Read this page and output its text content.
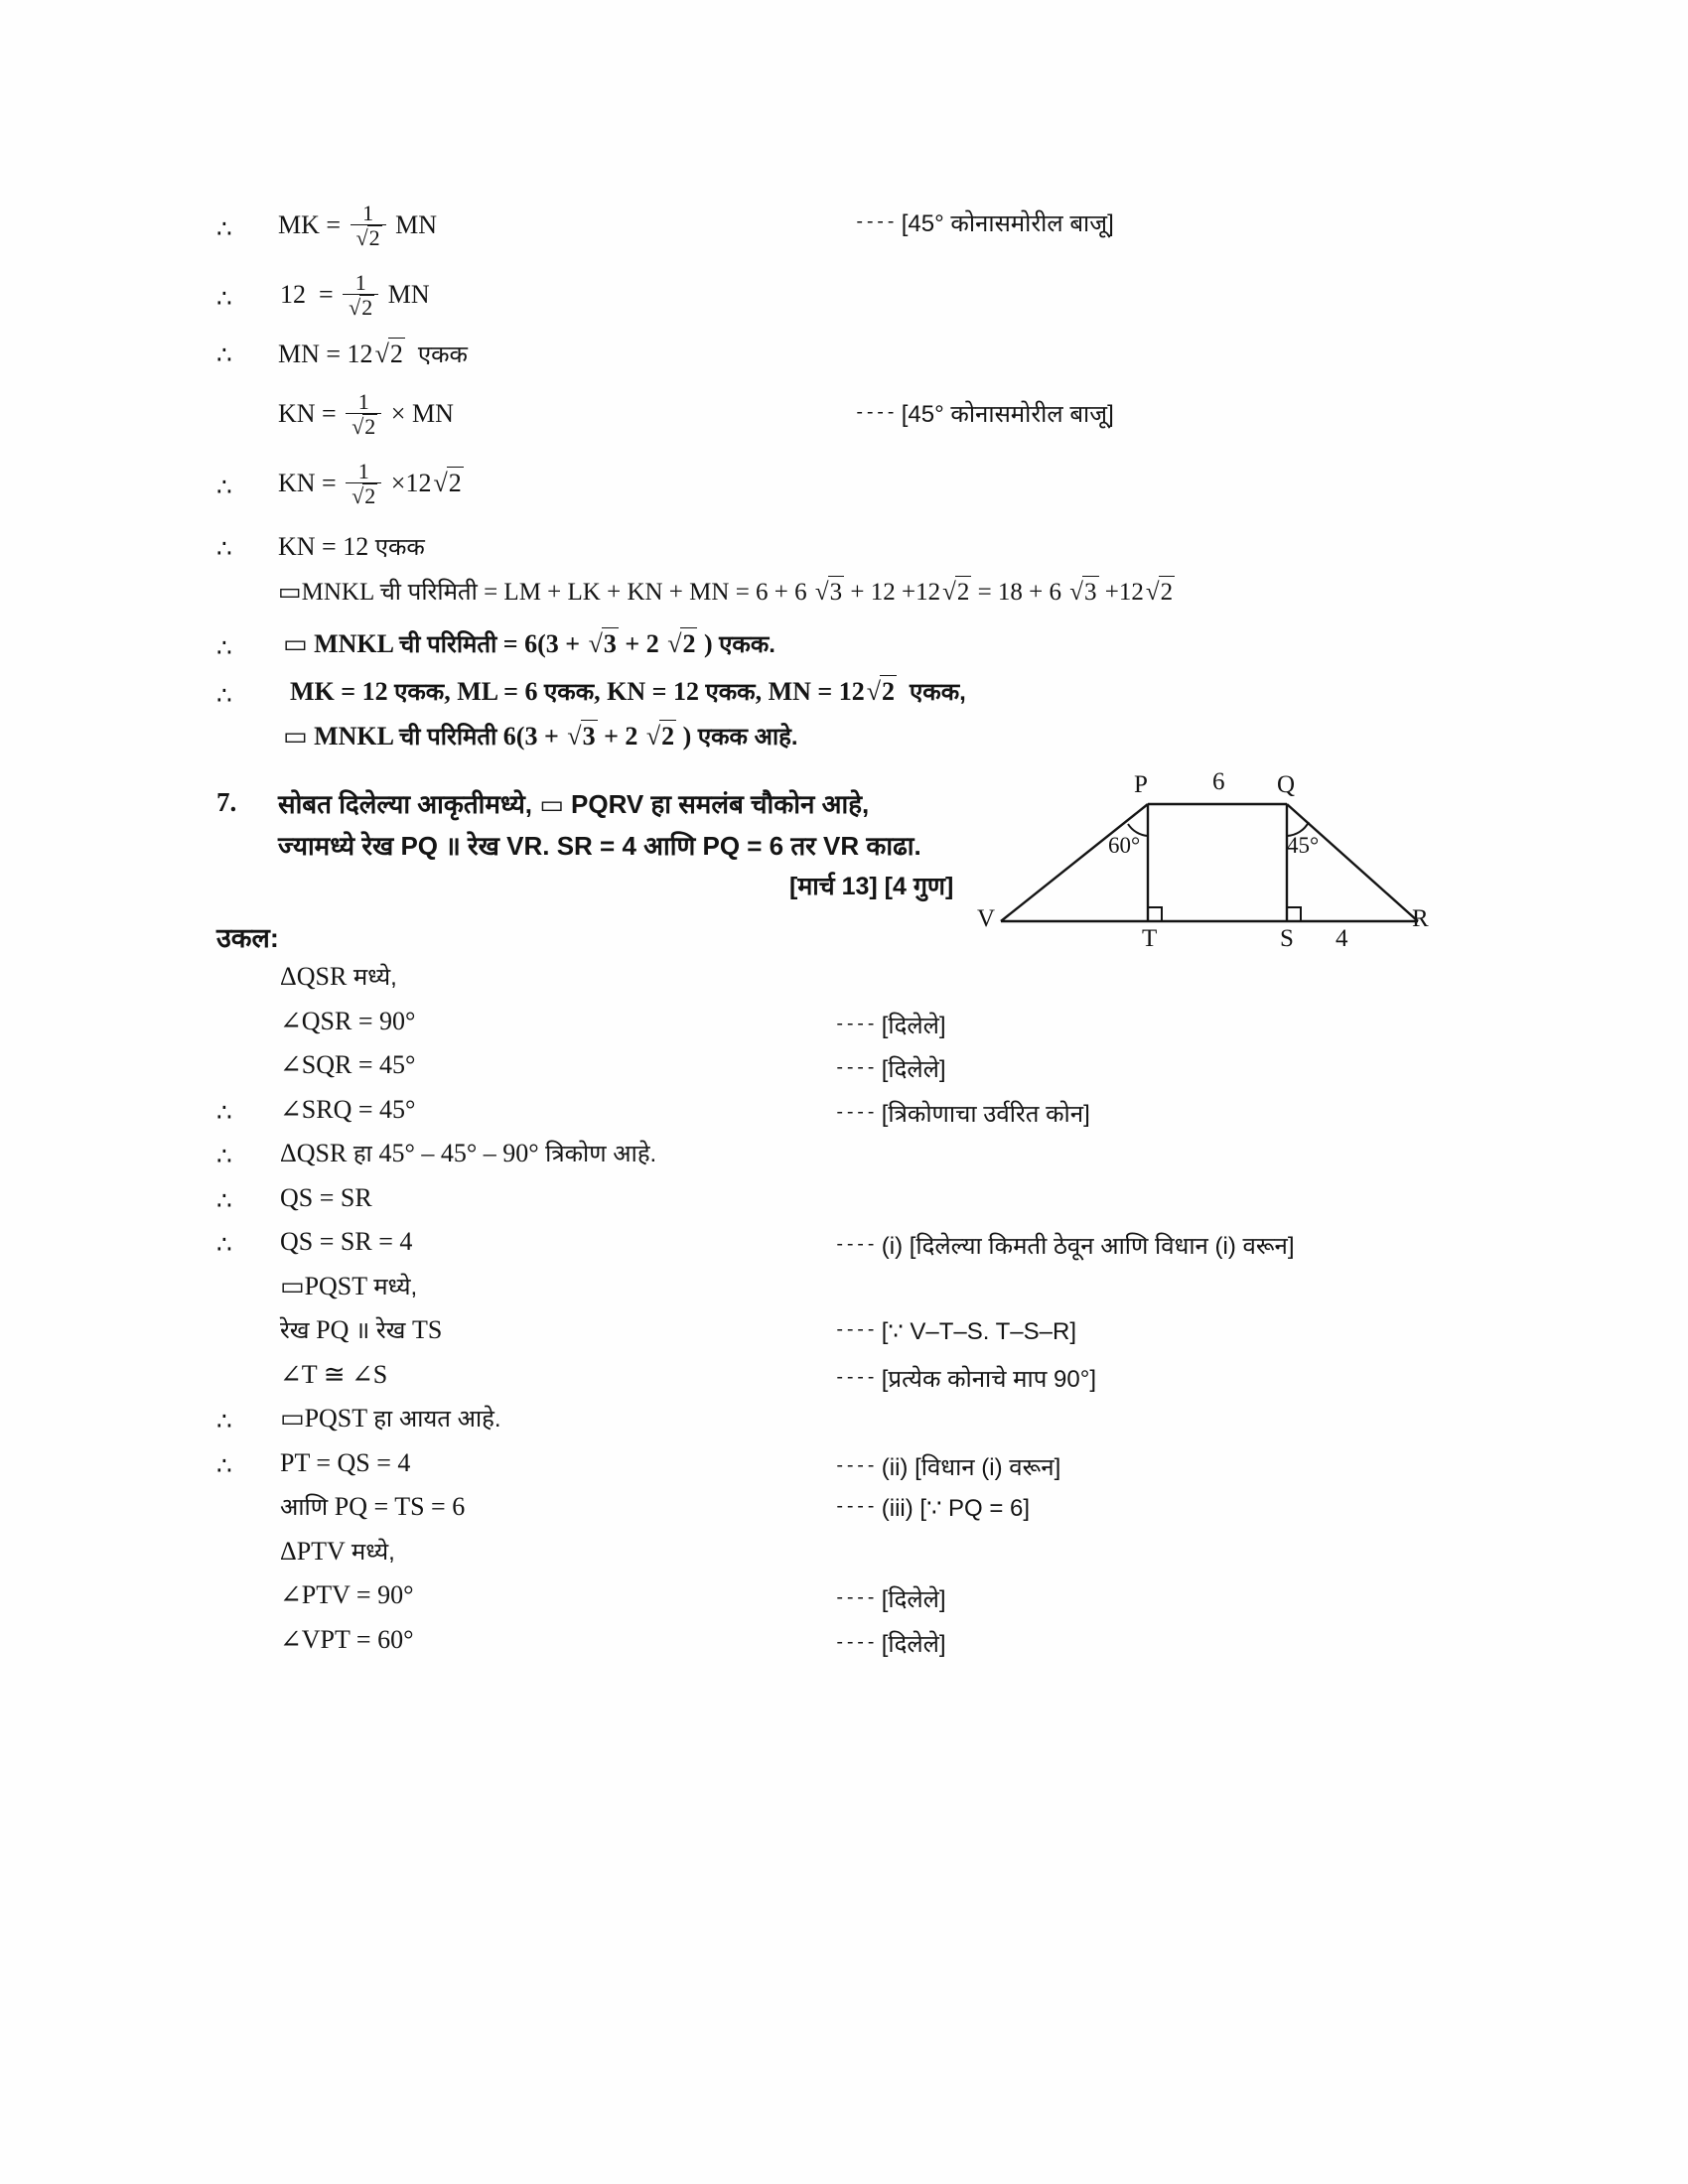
∴ MK = $\frac{1}{√2}$ MN	---- [45° कोनासमोरील बाजू]
∴ $12 = \frac{1}{√2}$ MN
∴ MN = 12√2 एकक
KN = $\frac{1}{√2}$ × MN	---- [45° कोनासमोरील बाजू]
∴ KN = $\frac{1}{√2} \times 12√2$
∴ KN = 12 एकक
▭MNKL ची परिमिती = LM + LK + KN + MN = 6 + 6 √3 + 12 +12√2 = 18 + 6 √3 +12√2
∴ ▭ MNKL ची परिमिती = 6(3 + √3 + 2 √2 ) एकक.
∴ MK = 12 एकक, ML = 6 एकक, KN = 12 एकक, MN = 12√2 एकक,
▭ MNKL ची परिमिती 6(3 + √3 + 2 √2 ) एकक आहे.
7. सोबत दिलेल्या आकृतीमध्ये, ▭ PQRV हा समलंब चौकोन आहे,
ज्यामध्ये रेख PQ ॥ रेख VR. SR = 4 आणि PQ = 6 तर VR काढा.
[मार्च 13] [4 गुण]
उकल:
P	Q
V	R
T	S
6
4
60°	45°
ΔQSR मध्ये,
∠QSR = 90°	---- [दिलेले]
∠SQR = 45°	---- [दिलेले]
∴ ∠SRQ = 45°	---- [त्रिकोणाचा उर्वरित कोन]
∴ ΔQSR हा 45° – 45° – 90° त्रिकोण आहे.
∴ QS = SR
∴ QS = SR = 4	---- (i) [दिलेल्या किमती ठेवून आणि विधान (i) वरून]
▭PQST मध्ये,
रेख PQ ॥ रेख TS	---- [∵ V–T–S. T–S–R]
∠T ≅ ∠S	---- [प्रत्येक कोनाचे माप 90°]
∴ ▭PQST हा आयत आहे.
∴ PT = QS = 4	---- (ii) [विधान (i) वरून]
आणि PQ = TS = 6	---- (iii) [∵ PQ = 6]
ΔPTV मध्ये,
∠PTV = 90°	---- [दिलेले]
∠VPT = 60°	---- [दिलेले]
